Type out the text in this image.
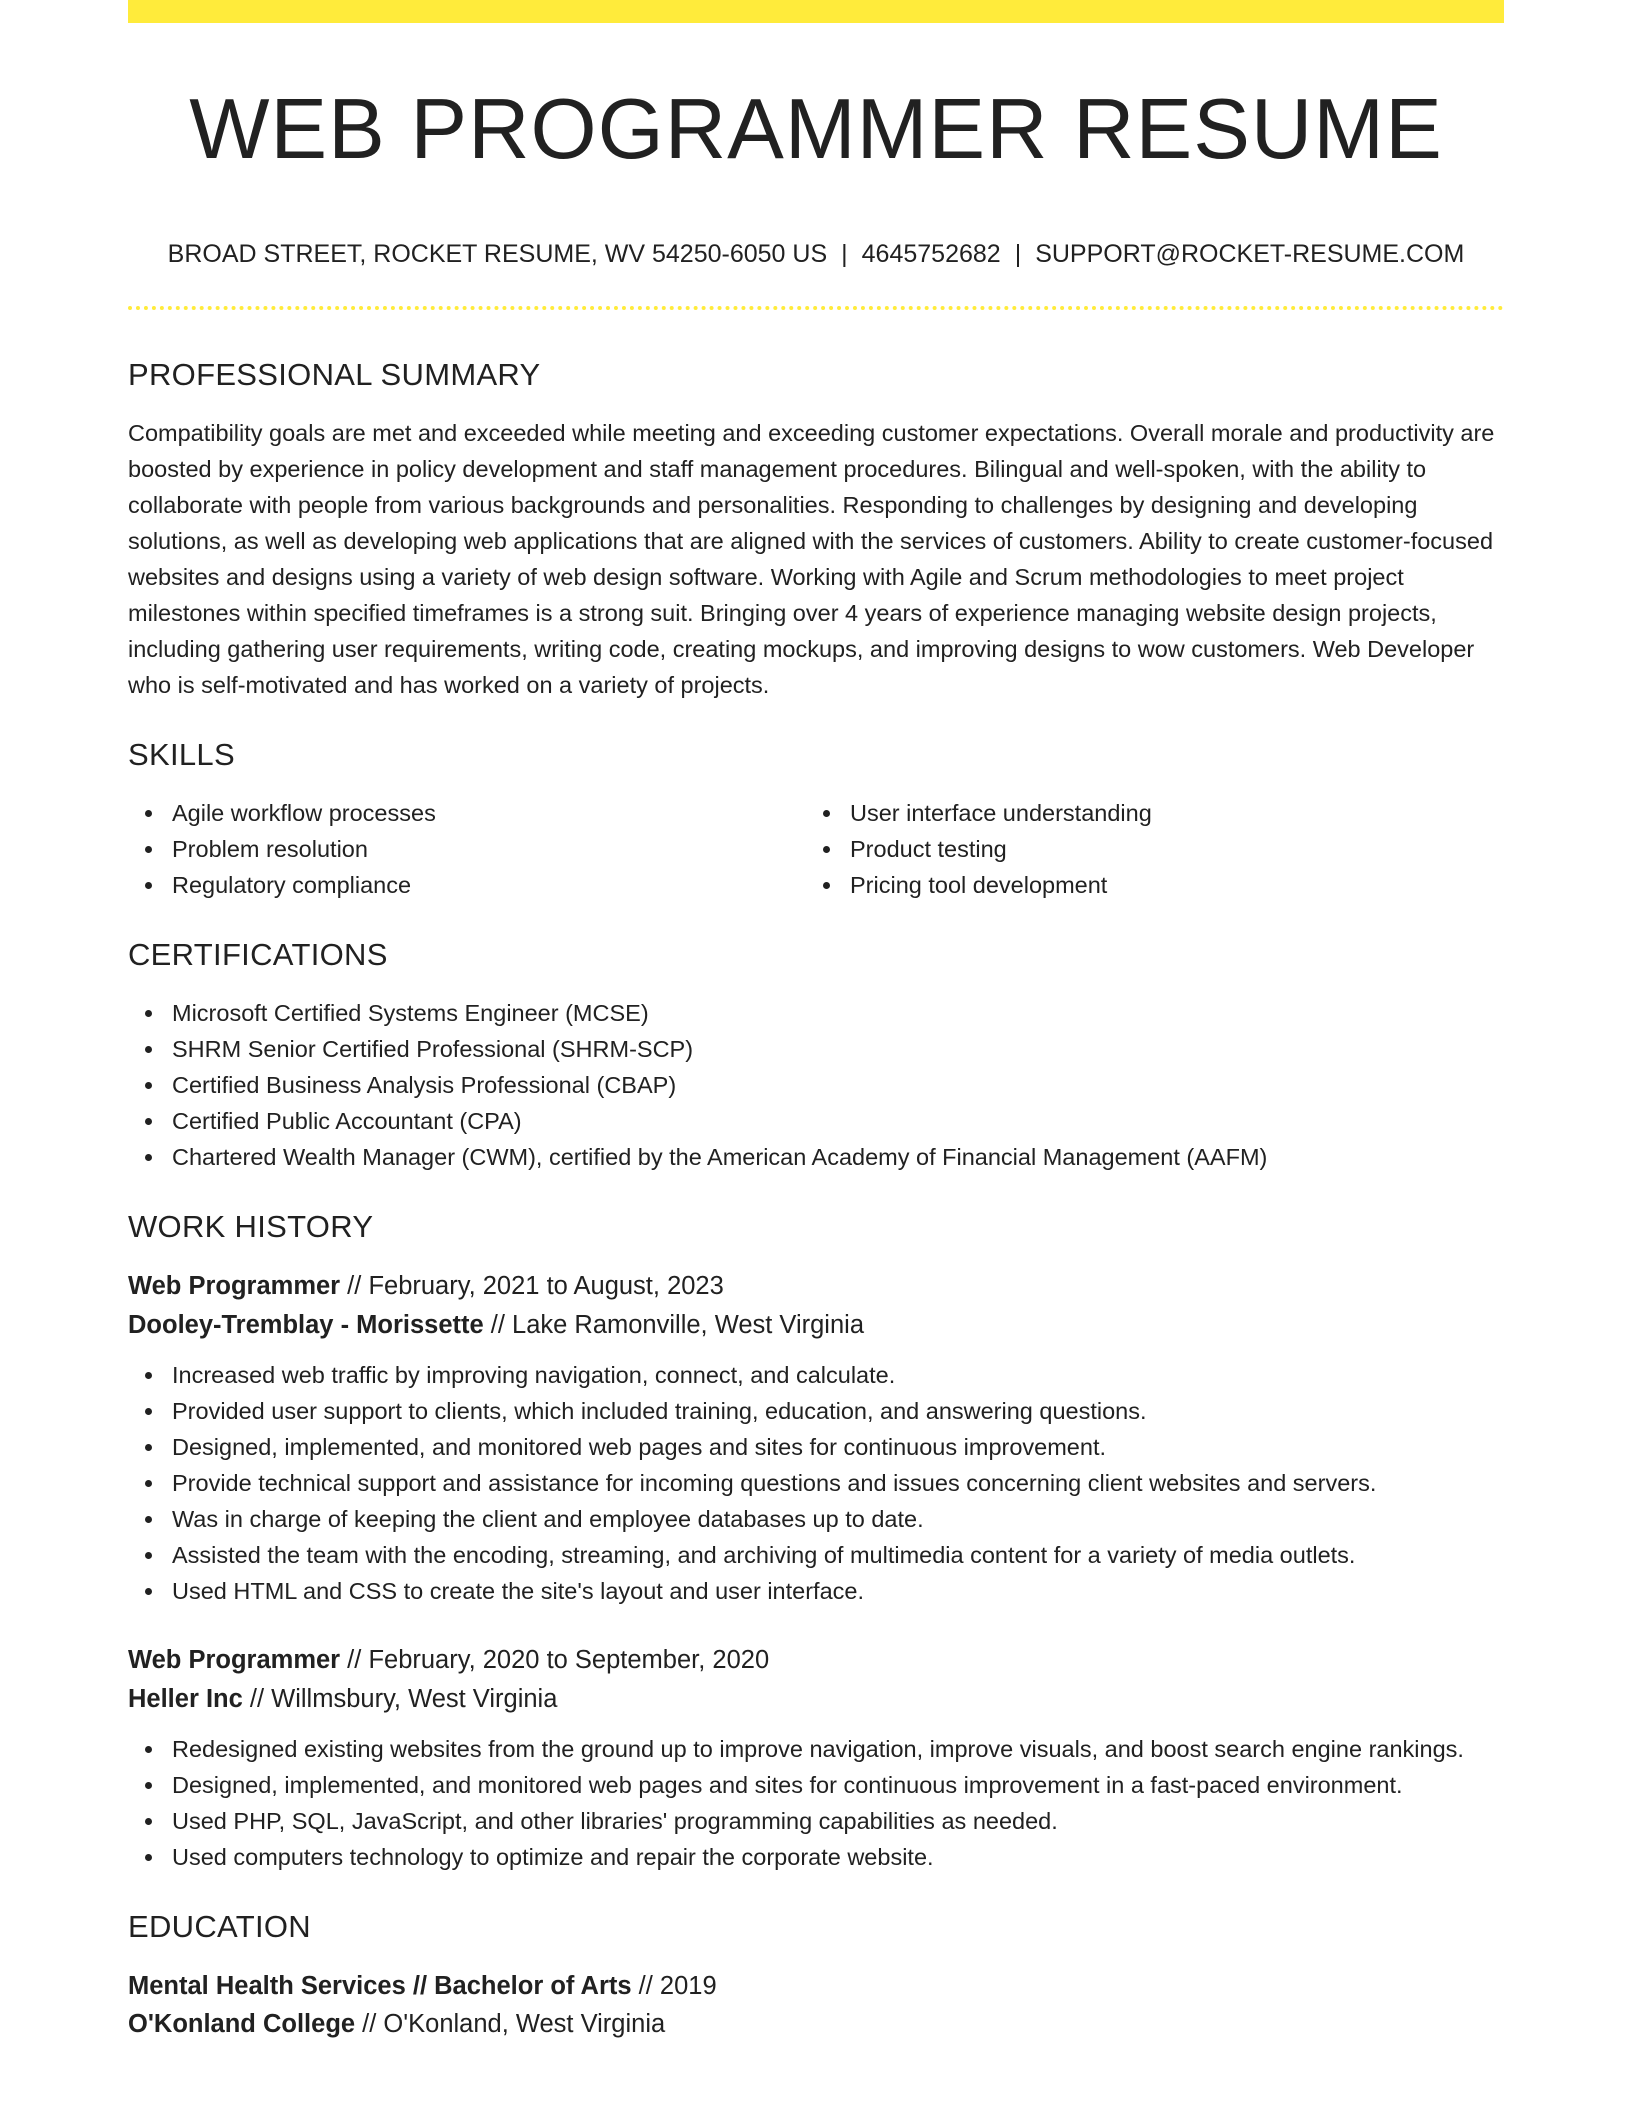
WEB PROGRAMMER RESUME
BROAD STREET, ROCKET RESUME, WV 54250-6050 US | 4645752682 | SUPPORT@ROCKET-RESUME.COM
PROFESSIONAL SUMMARY

Compatibility goals are met and exceeded while meeting and exceeding customer expectations. Overall morale and productivity are boosted by experience in policy development and staff management procedures. Bilingual and well-spoken, with the ability to collaborate with people from various backgrounds and personalities. Responding to challenges by designing and developing solutions, as well as developing web applications that are aligned with the services of customers. Ability to create customer-focused websites and designs using a variety of web design software. Working with Agile and Scrum methodologies to meet project milestones within specified timeframes is a strong suit. Bringing over 4 years of experience managing website design projects, including gathering user requirements, writing code, creating mockups, and improving designs to wow customers. Web Developer who is self-motivated and has worked on a variety of projects.

SKILLS
Agile workflow processes
Problem resolution
Regulatory compliance
User interface understanding
Product testing
Pricing tool development
CERTIFICATIONS
Microsoft Certified Systems Engineer (MCSE)
SHRM Senior Certified Professional (SHRM-SCP)
Certified Business Analysis Professional (CBAP)
Certified Public Accountant (CPA)
Chartered Wealth Manager (CWM), certified by the American Academy of Financial Management (AAFM)
WORK HISTORY
Web Programmer // February, 2021 to August, 2023
Dooley-Tremblay - Morissette // Lake Ramonville, West Virginia
Increased web traffic by improving navigation, connect, and calculate.
Provided user support to clients, which included training, education, and answering questions.
Designed, implemented, and monitored web pages and sites for continuous improvement.
Provide technical support and assistance for incoming questions and issues concerning client websites and servers.
Was in charge of keeping the client and employee databases up to date.
Assisted the team with the encoding, streaming, and archiving of multimedia content for a variety of media outlets.
Used HTML and CSS to create the site's layout and user interface.
Web Programmer // February, 2020 to September, 2020
Heller Inc // Willmsbury, West Virginia
Redesigned existing websites from the ground up to improve navigation, improve visuals, and boost search engine rankings.
Designed, implemented, and monitored web pages and sites for continuous improvement in a fast-paced environment.
Used PHP, SQL, JavaScript, and other libraries' programming capabilities as needed.
Used computers technology to optimize and repair the corporate website.
EDUCATION
Mental Health Services // Bachelor of Arts // 2019
O'Konland College // O'Konland, West Virginia
